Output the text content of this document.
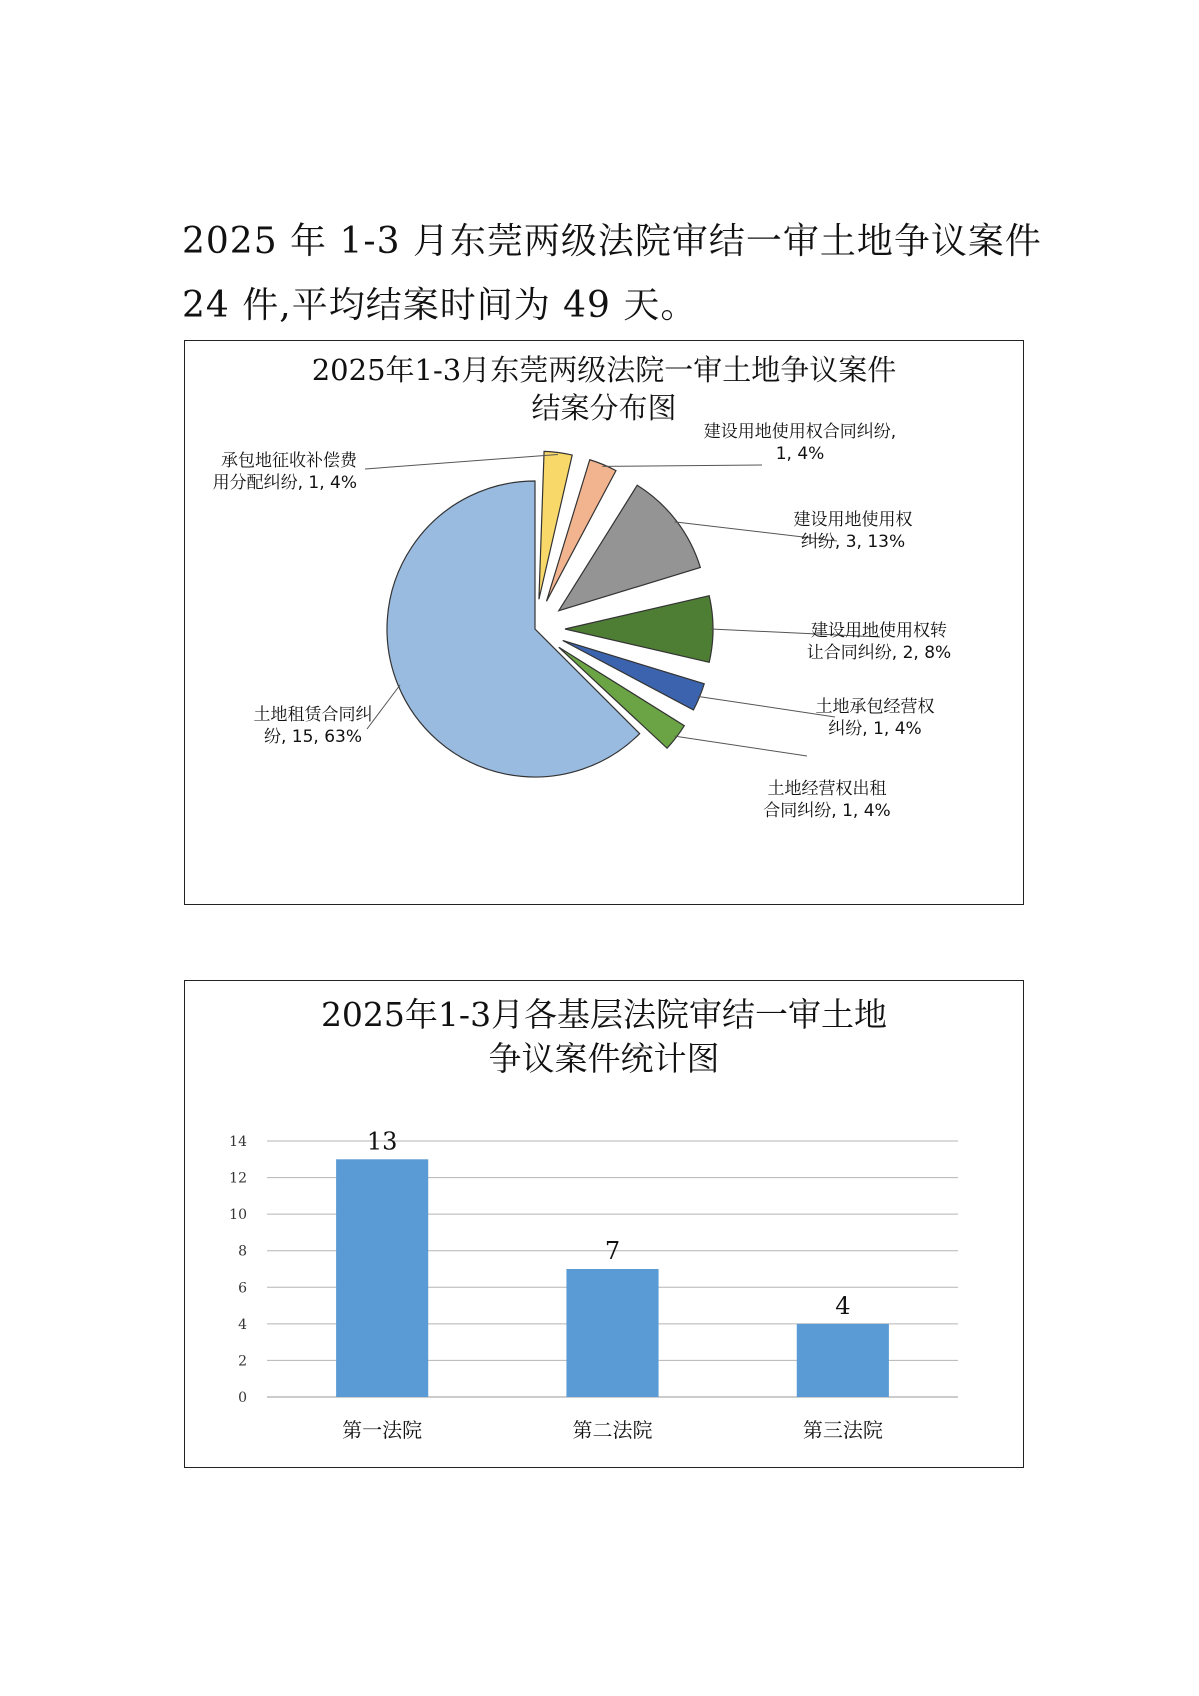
2025 年 1-3 月东莞两级法院审结一审土地争议案件

24 件,平均结案时间为 49 天。

2025年1-3月东莞两级法院一审土地争议案件
结案分布图
承包地征收补偿费用分配纠纷, 1, 4%
建设用地使用权合同纠纷, 1, 4%
建设用地使用权纠纷, 3, 13%
建设用地使用权转让合同纠纷, 2, 8%
土地承包经营权纠纷, 1, 4%
土地经营权出租合同纠纷, 1, 4%
土地租赁合同纠纷, 15, 63%
2025年1-3月各基层法院审结一审土地
争议案件统计图
0
2
4
6
8
10
12
14	13
第一法院
7
第二法院
4
第三法院
